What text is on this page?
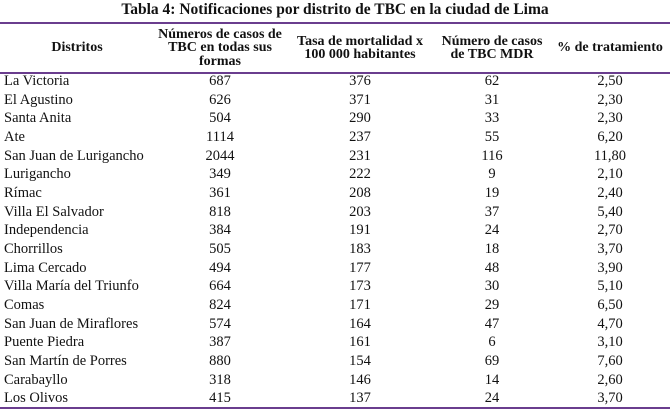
Tabla 4: Notificaciones por distrito de TBC en la ciudad de Lima
Distritos	Números de casos de TBC en todas sus formas	Tasa de mortalidad x 100 000 habitantes	Número de casos de TBC MDR	% de tratamiento
La Victoria	687	376	62	2,50
El Agustino	626	371	31	2,30
Santa Anita	504	290	33	2,30
Ate	1114	237	55	6,20
San Juan de Lurigancho	2044	231	116	11,80
Lurigancho	349	222	9	2,10
Rímac	361	208	19	2,40
Villa El Salvador	818	203	37	5,40
Independencia	384	191	24	2,70
Chorrillos	505	183	18	3,70
Lima Cercado	494	177	48	3,90
Villa María del Triunfo	664	173	30	5,10
Comas	824	171	29	6,50
San Juan de Miraflores	574	164	47	4,70
Puente Piedra	387	161	6	3,10
San Martín de Porres	880	154	69	7,60
Carabayllo	318	146	14	2,60
Los Olivos	415	137	24	3,70
